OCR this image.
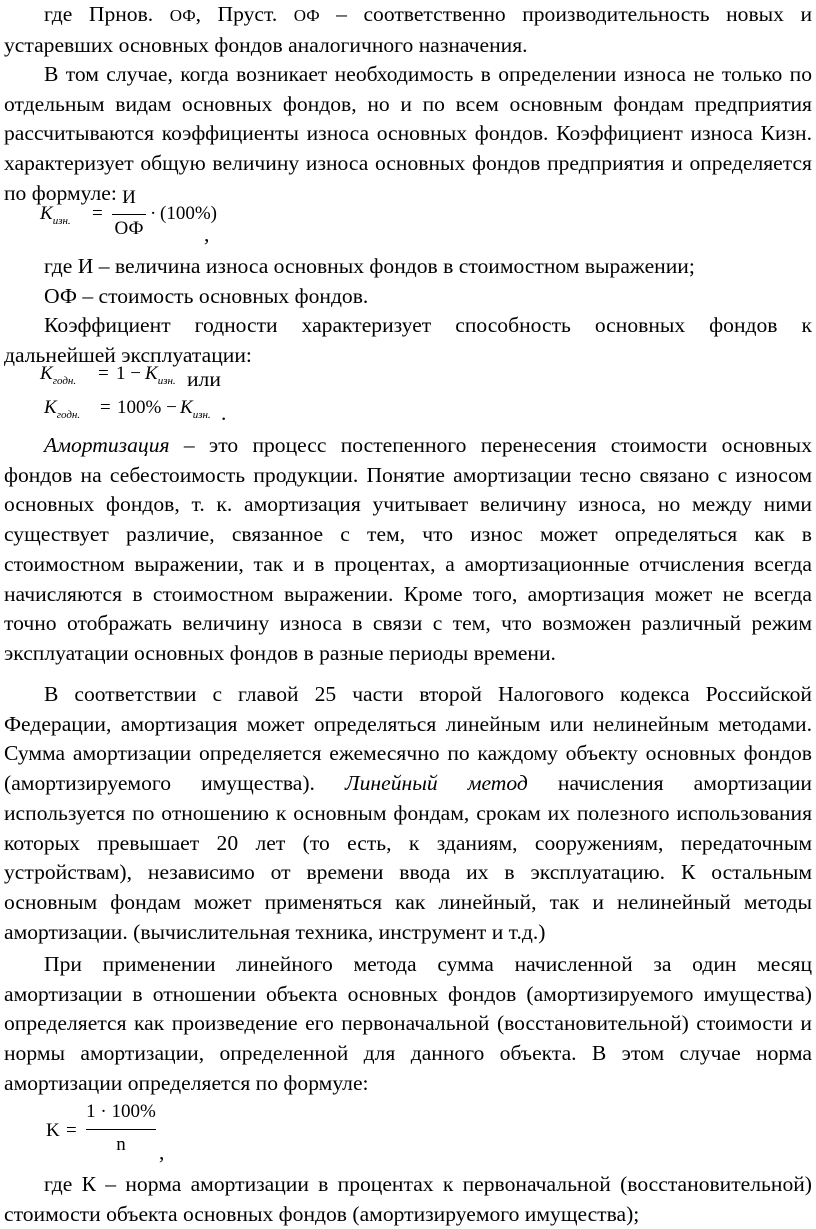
где Прнов. ОФ, Пруст. ОФ – соответственно производительность новых и устаревших основных фондов аналогичного назначения.

В том случае, когда возникает необходимость в определении износа не только по отдельным видам основных фондов, но и по всем основным фондам предприятия рассчитываются коэффициенты износа основных фондов. Коэффициент износа Кизн. характеризует общую величину износа основных фондов предприятия и определяется по формуле:

$K_{изн.}$ =
И
ОФ
· (100%)
,

где И – величина износа основных фондов в стоимостном выражении;

ОФ – стоимость основных фондов.

Коэффициент годности характеризует способность основных фондов к дальнейшей эксплуатации:

$K_{годн.} = 1 - K_{изн.}$ или
$K_{годн.} = 100\% - K_{изн.}$ .

Амортизация – это процесс постепенного перенесения стоимости основных фондов на себестоимость продукции. Понятие амортизации тесно связано с износом основных фондов, т. к. амортизация учитывает величину износа, но между ними существует различие, связанное с тем, что износ может определяться как в стоимостном выражении, так и в процентах, а амортизационные отчисления всегда начисляются в стоимостном выражении. Кроме того, амортизация может не всегда точно отображать величину износа в связи с тем, что возможен различный режим эксплуатации основных фондов в разные периоды времени.

В соответствии с главой 25 части второй Налогового кодекса Российской Федерации, амортизация может определяться линейным или нелинейным методами. Сумма амортизации определяется ежемесячно по каждому объекту основных фондов (амортизируемого имущества). Линейный метод начисления амортизации используется по отношению к основным фондам, срокам их полезного использования которых превышает 20 лет (то есть, к зданиям, сооружениям, передаточным устройствам), независимо от времени ввода их в эксплуатацию. К остальным основным фондам может применяться как линейный, так и нелинейный методы амортизации. (вычислительная техника, инструмент и т.д.)

При применении линейного метода сумма начисленной за один месяц амортизации в отношении объекта основных фондов (амортизируемого имущества) определяется как произведение его первоначальной (восстановительной) стоимости и нормы амортизации, определенной для данного объекта. В этом случае норма амортизации определяется по формуле:

K =
1 · 100%
n	,

где К – норма амортизации в процентах к первоначальной (восстановительной) стоимости объекта основных фондов (амортизируемого имущества);
